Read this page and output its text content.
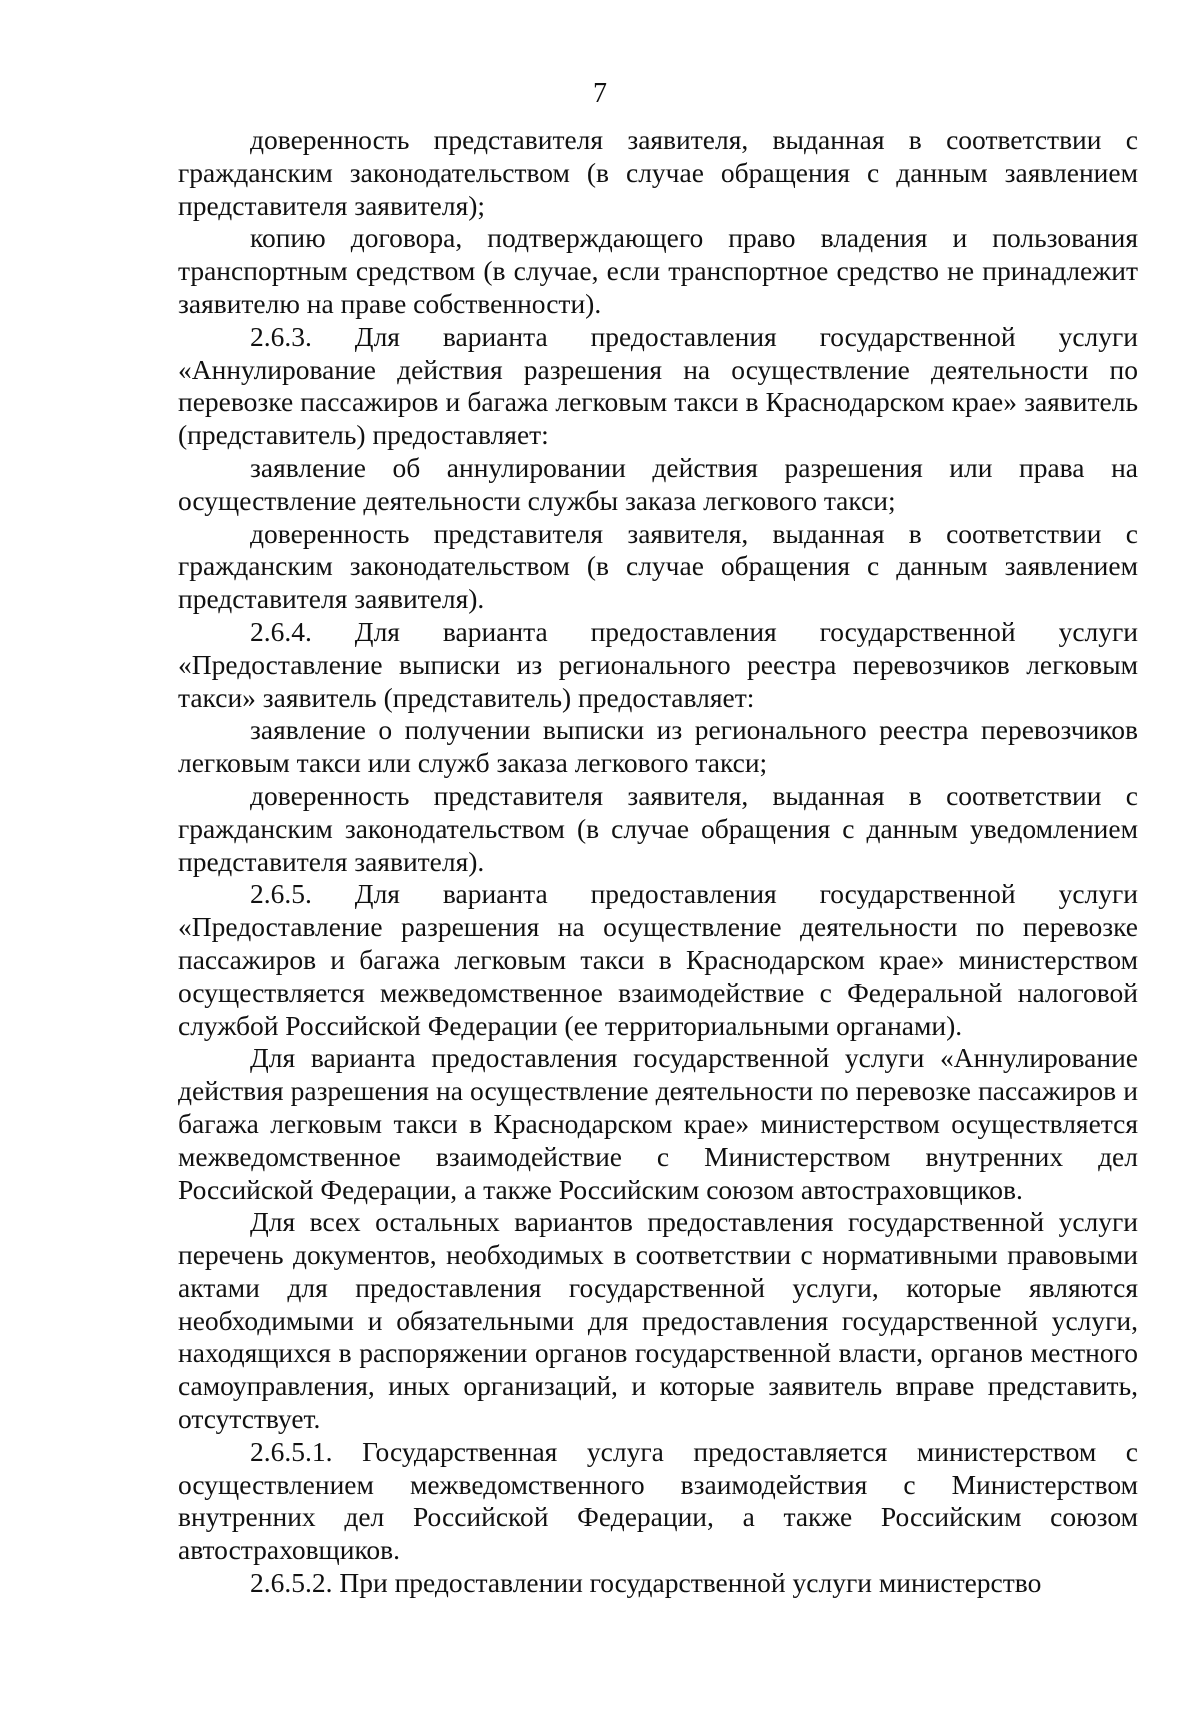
7

доверенность представителя заявителя, выданная в соответствии с гражданским законодательством (в случае обращения с данным заявлением представителя заявителя);

копию договора, подтверждающего право владения и пользования транспортным средством (в случае, если транспортное средство не принадлежит заявителю на праве собственности).

2.6.3. Для варианта предоставления государственной услуги «Аннулирование действия разрешения на осуществление деятельности по перевозке пассажиров и багажа легковым такси в Краснодарском крае» заявитель (представитель) предоставляет:

заявление об аннулировании действия разрешения или права на осуществление деятельности службы заказа легкового такси;

доверенность представителя заявителя, выданная в соответствии с гражданским законодательством (в случае обращения с данным заявлением представителя заявителя).

2.6.4. Для варианта предоставления государственной услуги «Предоставление выписки из регионального реестра перевозчиков легковым такси» заявитель (представитель) предоставляет:

заявление о получении выписки из регионального реестра перевозчиков легковым такси или служб заказа легкового такси;

доверенность представителя заявителя, выданная в соответствии с гражданским законодательством (в случае обращения с данным уведомлением представителя заявителя).

2.6.5. Для варианта предоставления государственной услуги «Предоставление разрешения на осуществление деятельности по перевозке пассажиров и багажа легковым такси в Краснодарском крае» министерством осуществляется межведомственное взаимодействие с Федеральной налоговой службой Российской Федерации (ее территориальными органами).

Для варианта предоставления государственной услуги «Аннулирование действия разрешения на осуществление деятельности по перевозке пассажиров и багажа легковым такси в Краснодарском крае» министерством осуществляется межведомственное взаимодействие с Министерством внутренних дел Российской Федерации, а также Российским союзом автостраховщиков.

Для всех остальных вариантов предоставления государственной услуги перечень документов, необходимых в соответствии с нормативными правовыми актами для предоставления государственной услуги, которые являются необходимыми и обязательными для предоставления государственной услуги, находящихся в распоряжении органов государственной власти, органов местного самоуправления, иных организаций, и которые заявитель вправе представить, отсутствует.

2.6.5.1. Государственная услуга предоставляется министерством с осуществлением межведомственного взаимодействия с Министерством внутренних дел Российской Федерации, а также Российским союзом автостраховщиков.

2.6.5.2. При предоставлении государственной услуги министерство
